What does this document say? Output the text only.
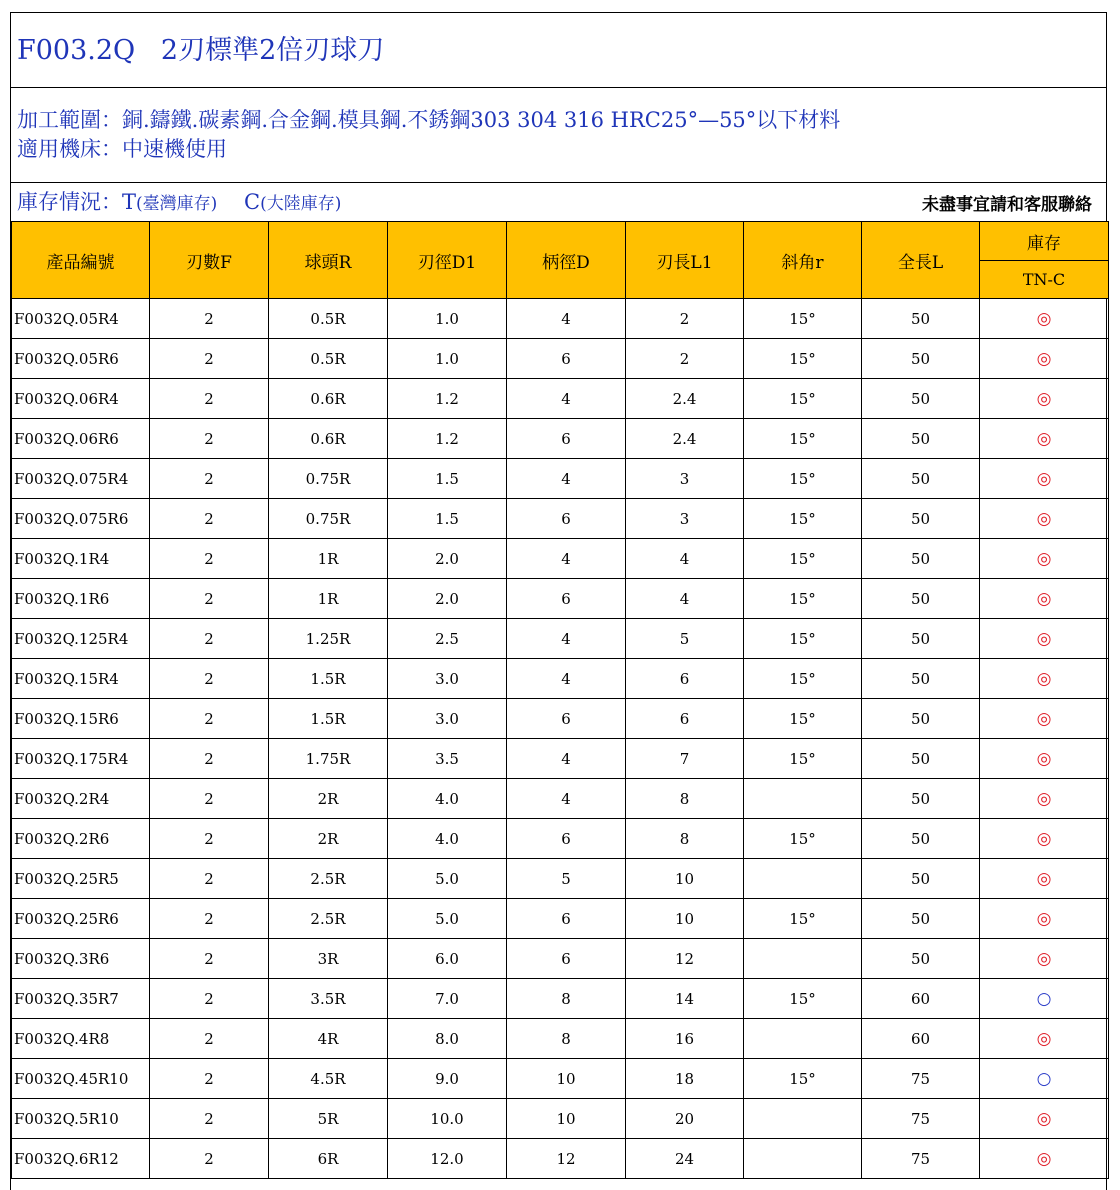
F003.2Q   2刃標準2倍刃球刀
加工範圍：銅.鑄鐵.碳素鋼.合金鋼.模具鋼.不銹鋼303 304 316 HRC25°—55°以下材料
適用機床：中速機使用
庫存情況：T(臺灣庫存) C(大陸庫存)	未盡事宜請和客服聯絡
產品編號	刃數F	球頭R	刃徑D1	柄徑D	刃長L1	斜角r	全長L	庫存
								TN-C
F0032Q.05R4	2	0.5R	1.0	4	2	15°	50	◎
F0032Q.05R6	2	0.5R	1.0	6	2	15°	50	◎
F0032Q.06R4	2	0.6R	1.2	4	2.4	15°	50	◎
F0032Q.06R6	2	0.6R	1.2	6	2.4	15°	50	◎
F0032Q.075R4	2	0.75R	1.5	4	3	15°	50	◎
F0032Q.075R6	2	0.75R	1.5	6	3	15°	50	◎
F0032Q.1R4	2	1R	2.0	4	4	15°	50	◎
F0032Q.1R6	2	1R	2.0	6	4	15°	50	◎
F0032Q.125R4	2	1.25R	2.5	4	5	15°	50	◎
F0032Q.15R4	2	1.5R	3.0	4	6	15°	50	◎
F0032Q.15R6	2	1.5R	3.0	6	6	15°	50	◎
F0032Q.175R4	2	1.75R	3.5	4	7	15°	50	◎
F0032Q.2R4	2	2R	4.0	4	8		50	◎
F0032Q.2R6	2	2R	4.0	6	8	15°	50	◎
F0032Q.25R5	2	2.5R	5.0	5	10		50	◎
F0032Q.25R6	2	2.5R	5.0	6	10	15°	50	◎
F0032Q.3R6	2	3R	6.0	6	12		50	◎
F0032Q.35R7	2	3.5R	7.0	8	14	15°	60	○
F0032Q.4R8	2	4R	8.0	8	16		60	◎
F0032Q.45R10	2	4.5R	9.0	10	18	15°	75	○
F0032Q.5R10	2	5R	10.0	10	20		75	◎
F0032Q.6R12	2	6R	12.0	12	24		75	◎
